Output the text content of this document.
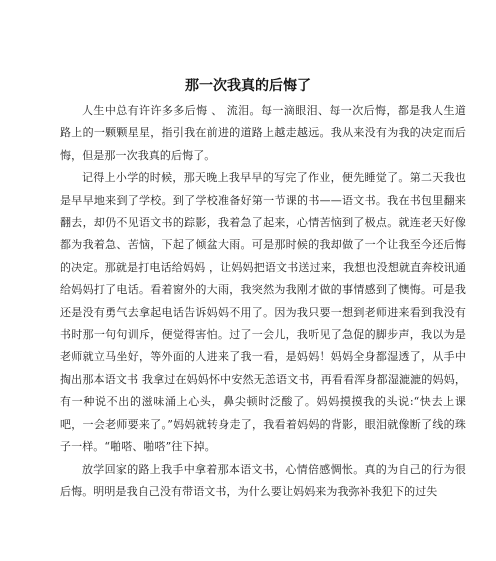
那一次我真的后悔了

人生中总有许许多多后悔 、 流泪。每一滴眼泪、每一次后悔，都是我人生道路上的一颗颗星星，指引我在前进的道路上越走越远。我从来没有为我的决定而后悔，但是那一次我真的后悔了。

记得上小学的时候，那天晚上我早早的写完了作业，便先睡觉了。第二天我也是早早地来到了学校。到了学校准备好第一节课的书——语文书。我在书包里翻来翻去，却仍不见语文书的踪影，我着急了起来，心情苦恼到了极点。就连老天好像都为我着急、苦恼，下起了倾盆大雨。可是那时候的我却做了一个让我至今还后悔的决定。那就是打电话给妈妈 ，让妈妈把语文书送过来，我想也没想就直奔校讯通给妈妈打了电话。看着窗外的大雨，我突然为我刚才做的事情感到了懊悔。可是我还是没有勇气去拿起电话告诉妈妈不用了。因为我只要一想到老师进来看到我没有书时那一句句训斥，便觉得害怕。过了一会儿，我听见了急促的脚步声，我以为是老师就立马坐好，等外面的人进来了我一看，是妈妈！妈妈全身都湿透了，从手中掏出那本语文书 我拿过在妈妈怀中安然无恙语文书，再看看浑身都湿漉漉的妈妈，有一种说不出的滋味涌上心头，鼻尖顿时泛酸了。妈妈摸摸我的头说:“快去上课吧，一会老师要来了。”妈妈就转身走了，我看着妈妈的背影，眼泪就像断了线的珠子一样。“啪嗒、啪嗒”往下掉。

放学回家的路上我手中拿着那本语文书，心情倍感惆怅。真的为自己的行为很后悔。明明是我自己没有带语文书，为什么要让妈妈来为我弥补我犯下的过失
